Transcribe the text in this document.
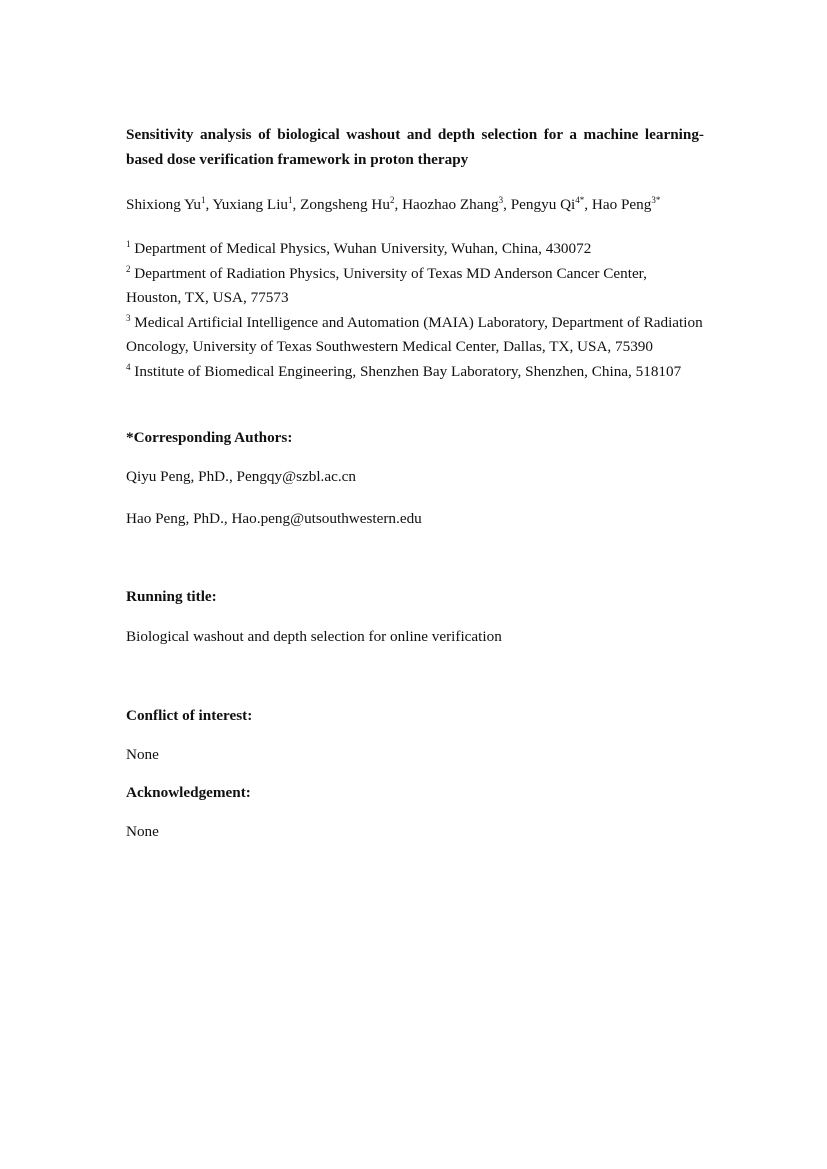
Sensitivity analysis of biological washout and depth selection for a machine learning-based dose verification framework in proton therapy

Shixiong Yu$^1$, Yuxiang Liu$^1$, Zongsheng Hu$^2$, Haozhao Zhang$^3$, Pengyu $Qi^{4*}$, Hao Peng$^{3*}$

$^1$ Department of Medical Physics, Wuhan University, Wuhan, China, 430072

$^2$ Department of Radiation Physics, University of Texas MD Anderson Cancer Center, Houston, TX, USA, 77573

$^3$ Medical Artificial Intelligence and Automation (MAIA) Laboratory, Department of Radiation Oncology, University of Texas Southwestern Medical Center, Dallas, TX, USA, 75390

$^4$ Institute of Biomedical Engineering, Shenzhen Bay Laboratory, Shenzhen, China, 518107

*Corresponding Authors:

Qiyu Peng, PhD., Pengqy@szbl.ac.cn

Hao Peng, PhD., Hao.peng@utsouthwestern.edu

Running title:

Biological washout and depth selection for online verification

Conflict of interest:

None

Acknowledgement:

None
